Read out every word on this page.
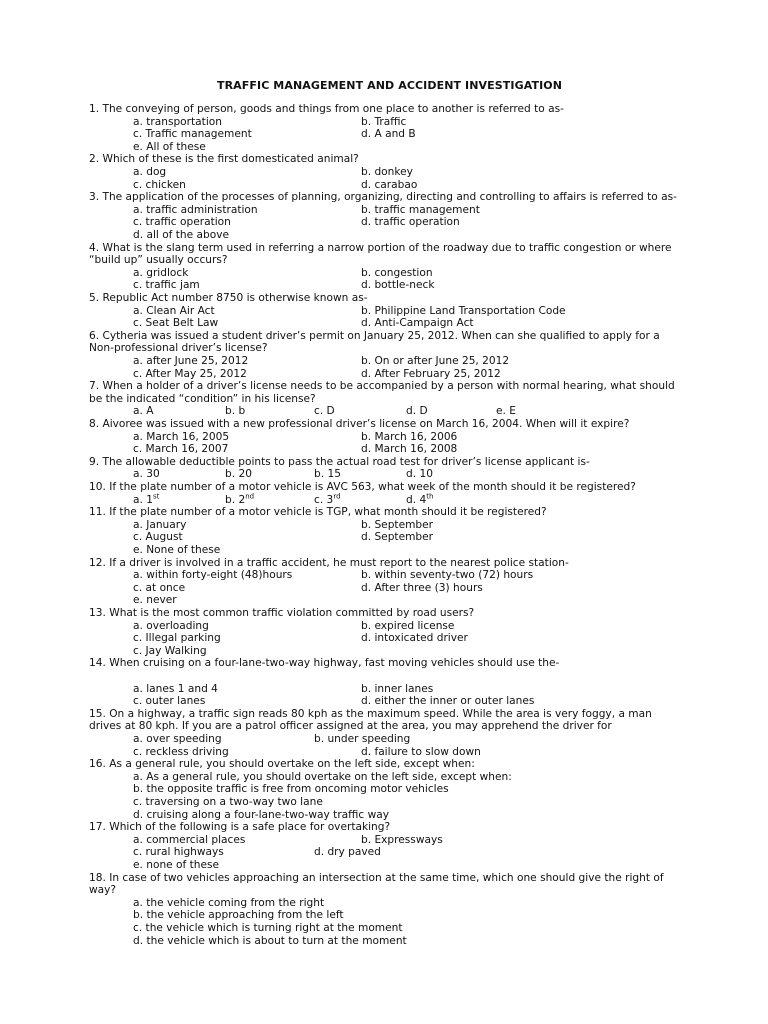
TRAFFIC MANAGEMENT AND ACCIDENT INVESTIGATION
1. The conveying of person, goods and things from one place to another is referred to as-
a. transportation	b. Traffic
c. Traffic management	d. A and B
e. All of these
2. Which of these is the first domesticated animal?
a. dog	b. donkey
c. chicken	d. carabao
3. The application of the processes of planning, organizing, directing and controlling to affairs is referred to as-
a. traffic administration	b. traffic management
c. traffic operation	d. traffic operation
d. all of the above
4. What is the slang term used in referring a narrow portion of the roadway due to traffic congestion or where
“build up” usually occurs?
a. gridlock	b. congestion
c. traffic jam	d. bottle-neck
5. Republic Act number 8750 is otherwise known as-
a. Clean Air Act	b. Philippine Land Transportation Code
c. Seat Belt Law	d. Anti-Campaign Act
6. Cytheria was issued a student driver’s permit on January 25, 2012. When can she qualified to apply for a
Non-professional driver’s license?
a. after June 25, 2012	b. On or after June 25, 2012
c. After May 25, 2012	d. After February 25, 2012
7. When a holder of a driver’s license needs to be accompanied by a person with normal hearing, what should
be the indicated “condition” in his license?
a. A	b. b	c. D	d. D	e. E
8. Aivoree was issued with a new professional driver’s license on March 16, 2004. When will it expire?
a. March 16, 2005	b. March 16, 2006
c. March 16, 2007	d. March 16, 2008
9. The allowable deductible points to pass the actual road test for driver’s license applicant is-
a. 30	b. 20	b. 15	d. 10
10. If the plate number of a motor vehicle is AVC 563, what week of the month should it be registered?
a. 1st	b. 2nd	c. 3rd	d. 4th
11. If the plate number of a motor vehicle is TGP, what month should it be registered?
a. January	b. September
c. August	d. September
e. None of these
12. If a driver is involved in a traffic accident, he must report to the nearest police station-
a. within forty-eight (48)hours	b. within seventy-two (72) hours
c. at once	d. After three (3) hours
e. never
13. What is the most common traffic violation committed by road users?
a. overloading	b. expired license
c. Illegal parking	d. intoxicated driver
c. Jay Walking
14. When cruising on a four-lane-two-way highway, fast moving vehicles should use the-
a. lanes 1 and 4	b. inner lanes
c. outer lanes	d. either the inner or outer lanes
15. On a highway, a traffic sign reads 80 kph as the maximum speed. While the area is very foggy, a man
drives at 80 kph. If you are a patrol officer assigned at the area, you may apprehend the driver for
a. over speeding	b. under speeding
c. reckless driving	d. failure to slow down
16. As a general rule, you should overtake on the left side, except when:
a. As a general rule, you should overtake on the left side, except when:
b. the opposite traffic is free from oncoming motor vehicles
c. traversing on a two-way two lane
d. cruising along a four-lane-two-way traffic way
17. Which of the following is a safe place for overtaking?
a. commercial places	b. Expressways
c. rural highways	d. dry paved
e. none of these
18. In case of two vehicles approaching an intersection at the same time, which one should give the right of
way?
a. the vehicle coming from the right
b. the vehicle approaching from the left
c. the vehicle which is turning right at the moment
d. the vehicle which is about to turn at the moment
